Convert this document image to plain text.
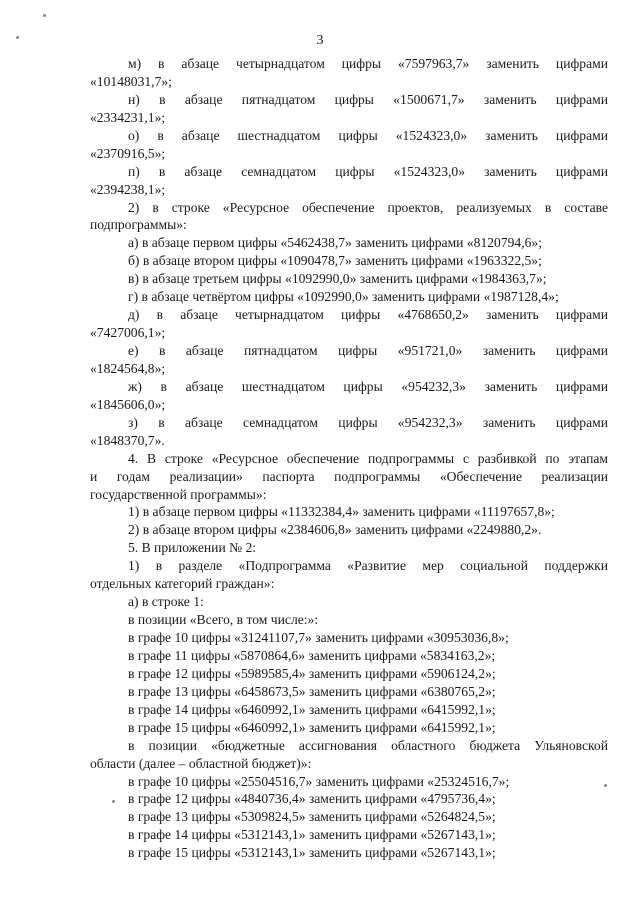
3
м) в абзаце четырнадцатом цифры «7597963,7» заменить цифрами
«10148031,7»;
н) в абзаце пятнадцатом цифры «1500671,7» заменить цифрами
«2334231,1»;
о) в абзаце шестнадцатом цифры «1524323,0» заменить цифрами
«2370916,5»;
п) в абзаце семнадцатом цифры «1524323,0» заменить цифрами
«2394238,1»;
2) в строке «Ресурсное обеспечение проектов, реализуемых в составе
подпрограммы»:
а) в абзаце первом цифры «5462438,7» заменить цифрами «8120794,6»;
б) в абзаце втором цифры «1090478,7» заменить цифрами «1963322,5»;
в) в абзаце третьем цифры «1092990,0» заменить цифрами «1984363,7»;
г) в абзаце четвёртом цифры «1092990,0» заменить цифрами «1987128,4»;
д) в абзаце четырнадцатом цифры «4768650,2» заменить цифрами
«7427006,1»;
е) в абзаце пятнадцатом цифры «951721,0» заменить цифрами
«1824564,8»;
ж) в абзаце шестнадцатом цифры «954232,3» заменить цифрами
«1845606,0»;
з) в абзаце семнадцатом цифры «954232,3» заменить цифрами
«1848370,7».
4. В строке «Ресурсное обеспечение подпрограммы с разбивкой по этапам
и годам реализации» паспорта подпрограммы «Обеспечение реализации
государственной программы»:
1) в абзаце первом цифры «11332384,4» заменить цифрами «11197657,8»;
2) в абзаце втором цифры «2384606,8» заменить цифрами «2249880,2».
5. В приложении № 2:
1) в разделе «Подпрограмма «Развитие мер социальной поддержки
отдельных категорий граждан»:
а) в строке 1:
в позиции «Всего, в том числе:»:
в графе 10 цифры «31241107,7» заменить цифрами «30953036,8»;
в графе 11 цифры «5870864,6» заменить цифрами «5834163,2»;
в графе 12 цифры «5989585,4» заменить цифрами «5906124,2»;
в графе 13 цифры «6458673,5» заменить цифрами «6380765,2»;
в графе 14 цифры «6460992,1» заменить цифрами «6415992,1»;
в графе 15 цифры «6460992,1» заменить цифрами «6415992,1»;
в позиции «бюджетные ассигнования областного бюджета Ульяновской
области (далее – областной бюджет)»:
в графе 10 цифры «25504516,7» заменить цифрами «25324516,7»;
в графе 12 цифры «4840736,4» заменить цифрами «4795736,4»;
в графе 13 цифры «5309824,5» заменить цифрами «5264824,5»;
в графе 14 цифры «5312143,1» заменить цифрами «5267143,1»;
в графе 15 цифры «5312143,1» заменить цифрами «5267143,1»;
